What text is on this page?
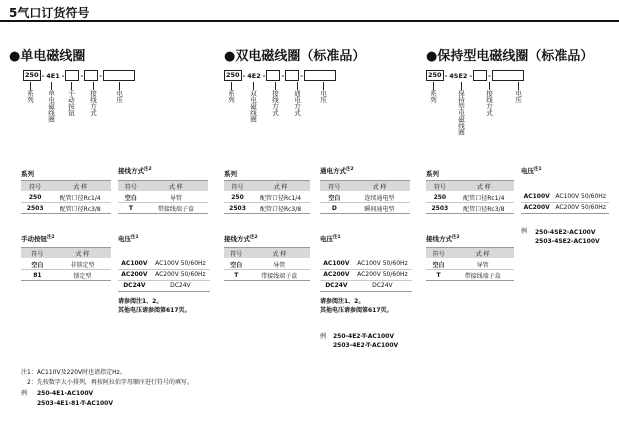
5气口订货符号
●单电磁线圈
250 - 4E1 - - -
系列 单电磁线圈 手动按钮 接线方式	电压
系列
符号	式 样
250	配管口径Rc1/4
2503	配管口径Rc3/8
接线方式$^{注2}$
符号	式 样
空白	导管
T	带接线端子盒
手动按钮$^{注2}$
符号	式 样
空白	非锁定型
81	锁定型
电压$^{注1}$
AC100V	AC100V 50/60Hz
AC200V	AC200V 50/60Hz
DC24V	DC24V
请参阅注1、2。
其他电压请参阅第617页。
●双电磁线圈（标准品）
250 - 4E2 - - -
系列 双电磁线圈 接线方式 通电方式	电压
系列
符号	式 样
250	配管口径Rc1/4
2503	配管口径Rc3/8
通电方式$^{注2}$
符号	式 样
空白	连续通电型
D	瞬间通电型
接线方式$^{注2}$
符号	式 样
空白	导管
T	带接线端子盒
电压$^{注1}$
AC100V	AC100V 50/60Hz
AC200V	AC200V 50/60Hz
DC24V	DC24V
请参阅注1、2。
其他电压请参阅第617页。
例 250-4E2-T-AC100V
2503-4E2-T-AC100V
●保持型电磁线圈（标准品）
250 - 4SE2 - -
系列	保持型电磁线圈	接线方式	电压
系列
符号	式 样
250	配管口径Rc1/4
2503	配管口径Rc3/8
电压$^{注1}$
AC100V	AC100V 50/60Hz
AC200V	AC200V 50/60Hz
例 250-4SE2-AC100V
2503-4SE2-AC100V
接线方式$^{注2}$
符号	式 样
空白	导管
T	带接线端子盒
注1：AC110V及220V时也请指定Hz。
2：先按数字大小排列，再按阿拉伯字母顺序进行符号的填写。
例 250-4E1-AC100V
2503-4E1-81-T-AC100V
